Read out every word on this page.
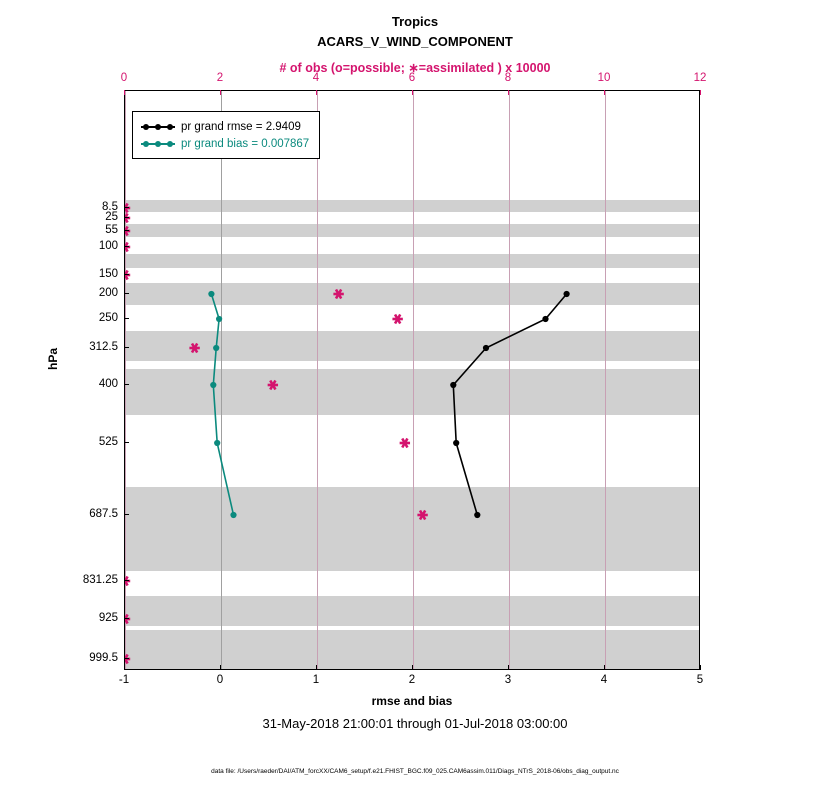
Tropics
ACARS_V_WIND_COMPONENT
# of obs (o=possible; ∗=assimilated ) x 10000
0	2	4	6	8	10	12
8.5
25
55
100
150
200
250
312.5
400
525
687.5
831.25
925
999.5
hPa
-1	0	1	2	3	4	5
rmse and bias
pr grand rmse = 2.9409
pr grand bias = 0.007867
31-May-2018 21:00:01 through 01-Jul-2018 03:00:00
data file: /Users/raeder/DAI/ATM_forcXX/CAM6_setup/f.e21.FHIST_BGC.f09_025.CAM6assim.011/Diags_NTrS_2018-06/obs_diag_output.nc
